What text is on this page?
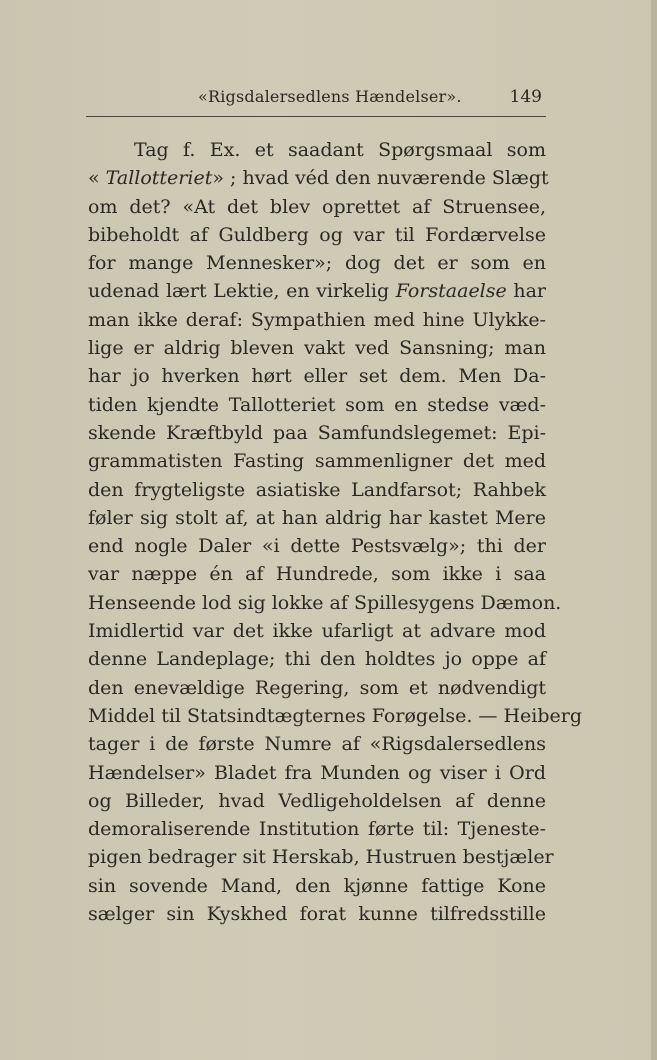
«Rigsdalersedlens Hændelser».	149
Tag f. Ex. et saadant Spørgsmaal som
« Tallotteriet» ; hvad véd den nuværende Slægt
om det? «At det blev oprettet af Struensee,
bibeholdt af Guldberg og var til Fordærvelse
for mange Mennesker»; dog det er som en
udenad lært Lektie, en virkelig Forstaaelse har
man ikke deraf: Sympathien med hine Ulykke-
lige er aldrig bleven vakt ved Sansning; man
har jo hverken hørt eller set dem. Men Da-
tiden kjendte Tallotteriet som en stedse væd-
skende Kræftbyld paa Samfundslegemet: Epi-
grammatisten Fasting sammenligner det med
den frygteligste asiatiske Landfarsot; Rahbek
føler sig stolt af, at han aldrig har kastet Mere
end nogle Daler «i dette Pestsvælg»; thi der
var næppe én af Hundrede, som ikke i saa
Henseende lod sig lokke af Spillesygens Dæmon.
Imidlertid var det ikke ufarligt at advare mod
denne Landeplage; thi den holdtes jo oppe af
den enevældige Regering, som et nødvendigt
Middel til Statsindtægternes Forøgelse. — Heiberg
tager i de første Numre af «Rigsdalersedlens
Hændelser» Bladet fra Munden og viser i Ord
og Billeder, hvad Vedligeholdelsen af denne
demoraliserende Institution førte til: Tjeneste-
pigen bedrager sit Herskab, Hustruen bestjæler
sin sovende Mand, den kjønne fattige Kone
sælger sin Kyskhed forat kunne tilfredsstille
